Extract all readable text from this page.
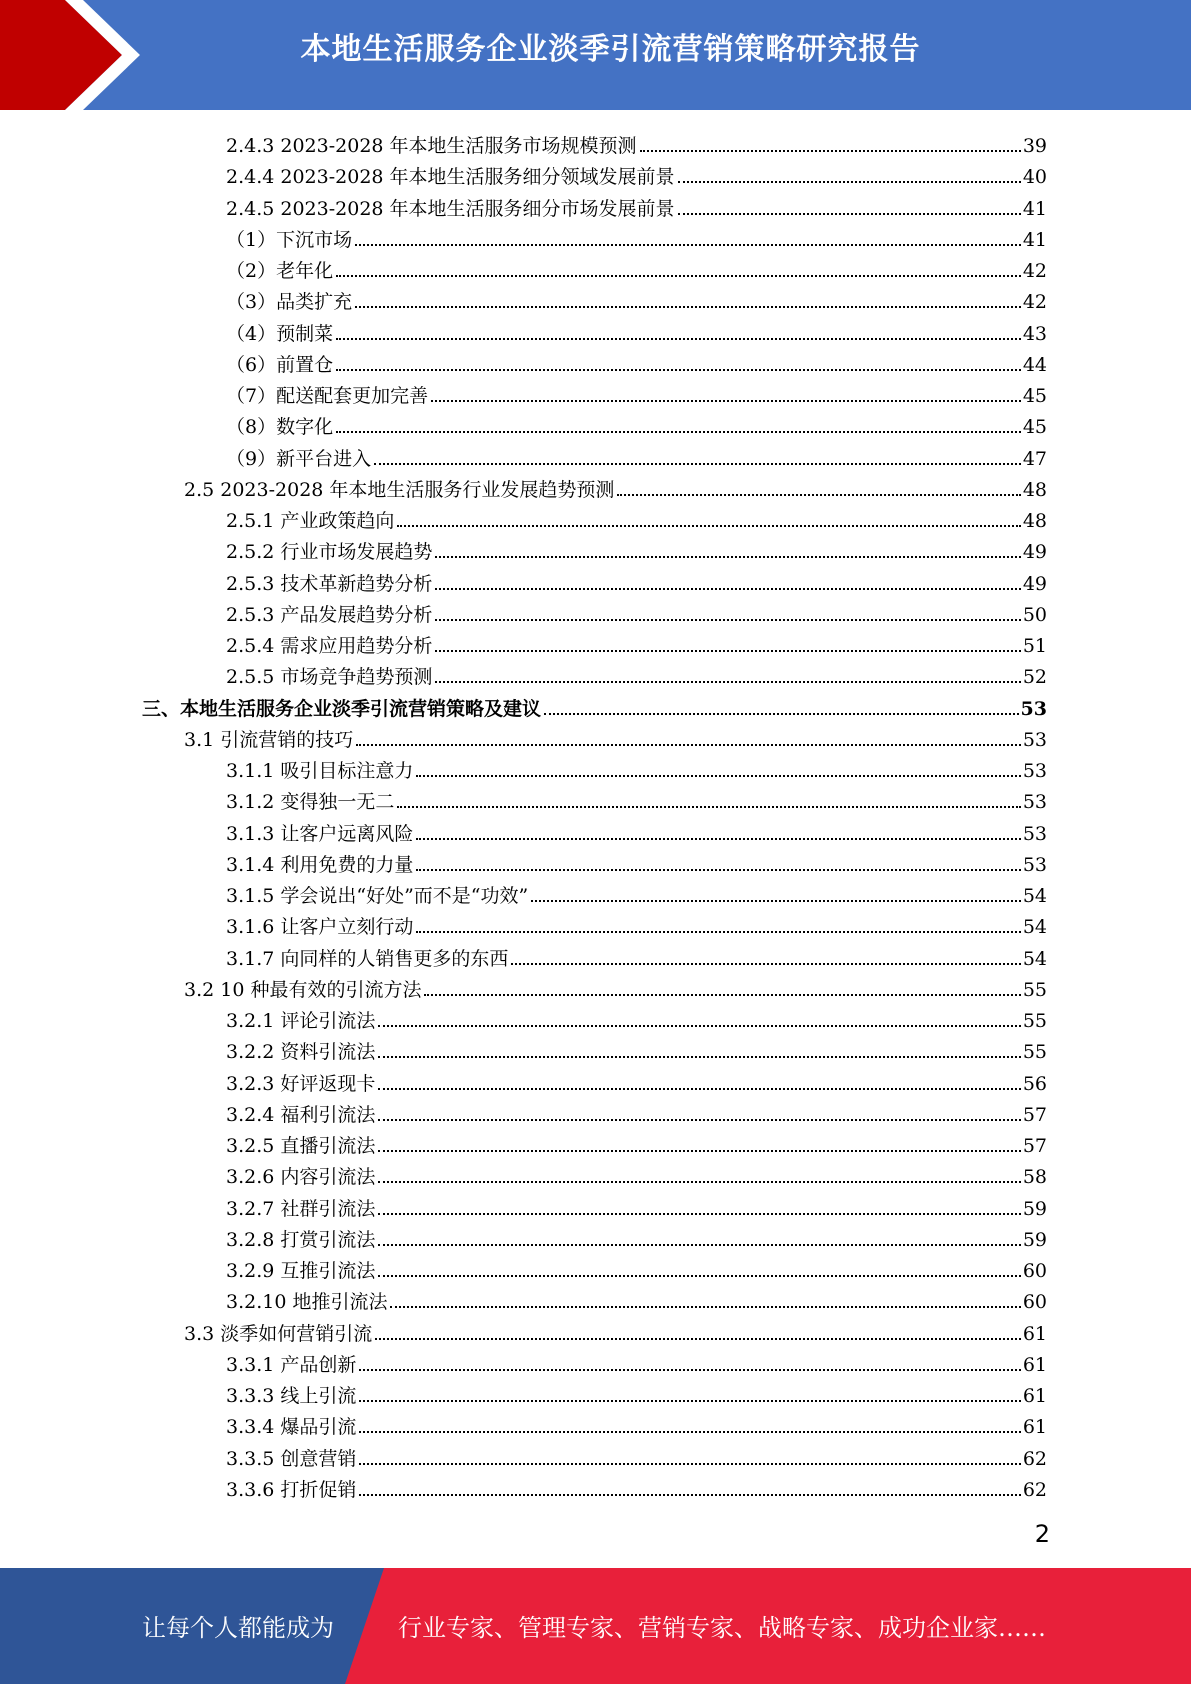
本地生活服务企业淡季引流营销策略研究报告
2.4.3 2023-2028 年本地生活服务市场规模预测	39
2.4.4 2023-2028 年本地生活服务细分领域发展前景	40
2.4.5 2023-2028 年本地生活服务细分市场发展前景	41
（1）下沉市场	41
（2）老年化	42
（3）品类扩充	42
（4）预制菜	43
（6）前置仓	44
（7）配送配套更加完善	45
（8）数字化	45
（9）新平台进入	47
2.5 2023-2028 年本地生活服务行业发展趋势预测	48
2.5.1 产业政策趋向	48
2.5.2 行业市场发展趋势	49
2.5.3 技术革新趋势分析	49
2.5.3 产品发展趋势分析	50
2.5.4 需求应用趋势分析	51
2.5.5 市场竞争趋势预测	52
三、本地生活服务企业淡季引流营销策略及建议	53
3.1 引流营销的技巧	53
3.1.1 吸引目标注意力	53
3.1.2 变得独一无二	53
3.1.3 让客户远离风险	53
3.1.4 利用免费的力量	53
3.1.5 学会说出“好处”而不是“功效”	54
3.1.6 让客户立刻行动	54
3.1.7 向同样的人销售更多的东西	54
3.2 10 种最有效的引流方法	55
3.2.1 评论引流法	55
3.2.2 资料引流法	55
3.2.3 好评返现卡	56
3.2.4 福利引流法	57
3.2.5 直播引流法	57
3.2.6 内容引流法	58
3.2.7 社群引流法	59
3.2.8 打赏引流法	59
3.2.9 互推引流法	60
3.2.10 地推引流法	60
3.3 淡季如何营销引流	61
3.3.1 产品创新	61
3.3.3 线上引流	61
3.3.4 爆品引流	61
3.3.5 创意营销	62
3.3.6 打折促销	62
2
让每个人都能成为	行业专家、管理专家、营销专家、战略专家、成功企业家……
